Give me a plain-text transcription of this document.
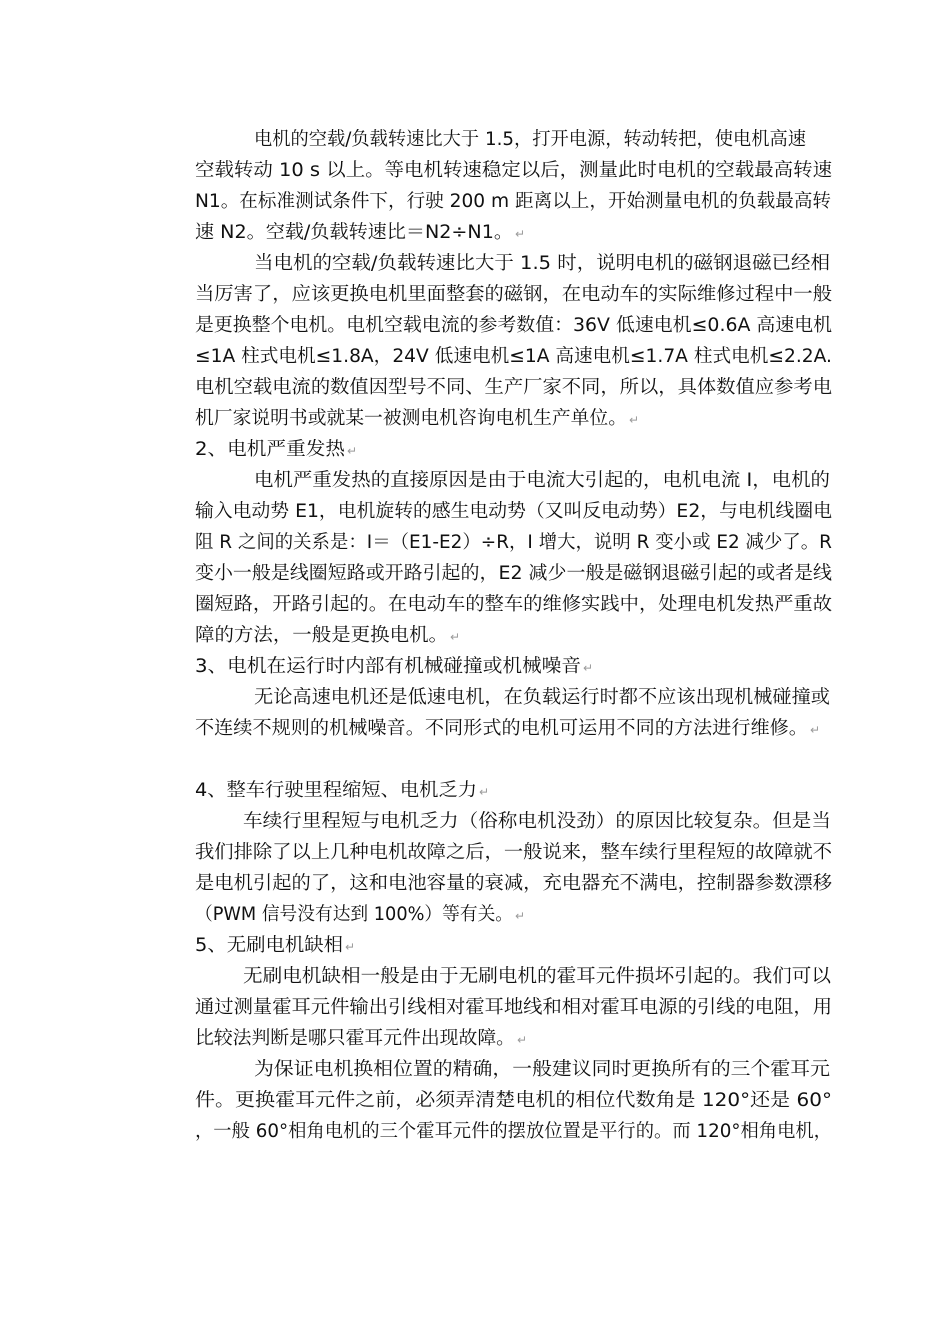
电机的空载/负载转速比大于 1.5，打开电源，转动转把，使电机高速
空载转动 10 s 以上。等电机转速稳定以后，测量此时电机的空载最高转速
N1。在标准测试条件下，行驶 200 m 距离以上，开始测量电机的负载最高转
速 N2。空载/负载转速比＝N2÷N1。 ↵
当电机的空载/负载转速比大于 1.5 时，说明电机的磁钢退磁已经相
当厉害了，应该更换电机里面整套的磁钢，在电动车的实际维修过程中一般
是更换整个电机。电机空载电流的参考数值：36V 低速电机≤0.6A 高速电机
≤1A 柱式电机≤1.8A，24V 低速电机≤1A 高速电机≤1.7A 柱式电机≤2.2A.
电机空载电流的数值因型号不同、生产厂家不同，所以，具体数值应参考电
机厂家说明书或就某一被测电机咨询电机生产单位。 ↵
2、电机严重发热 ↵
电机严重发热的直接原因是由于电流大引起的，电机电流 I，电机的
输入电动势 E1，电机旋转的感生电动势（又叫反电动势）E2，与电机线圈电
阻 R 之间的关系是：I＝（E1-E2）÷R，I 增大，说明 R 变小或 E2 减少了。R
变小一般是线圈短路或开路引起的，E2 减少一般是磁钢退磁引起的或者是线
圈短路，开路引起的。在电动车的整车的维修实践中，处理电机发热严重故
障的方法，一般是更换电机。 ↵
3、电机在运行时内部有机械碰撞或机械噪音 ↵
无论高速电机还是低速电机，在负载运行时都不应该出现机械碰撞或
不连续不规则的机械噪音。不同形式的电机可运用不同的方法进行维修。 ↵
4、整车行驶里程缩短、电机乏力 ↵
车续行里程短与电机乏力（俗称电机没劲）的原因比较复杂。但是当
我们排除了以上几种电机故障之后，一般说来，整车续行里程短的故障就不
是电机引起的了，这和电池容量的衰减，充电器充不满电，控制器参数漂移
（PWM 信号没有达到 100%）等有关。 ↵
5、无刷电机缺相 ↵
无刷电机缺相一般是由于无刷电机的霍耳元件损坏引起的。我们可以
通过测量霍耳元件输出引线相对霍耳地线和相对霍耳电源的引线的电阻，用
比较法判断是哪只霍耳元件出现故障。 ↵
为保证电机换相位置的精确，一般建议同时更换所有的三个霍耳元
件。更换霍耳元件之前，必须弄清楚电机的相位代数角是 120°还是 60°
，一般 60°相角电机的三个霍耳元件的摆放位置是平行的。而 120°相角电机，
